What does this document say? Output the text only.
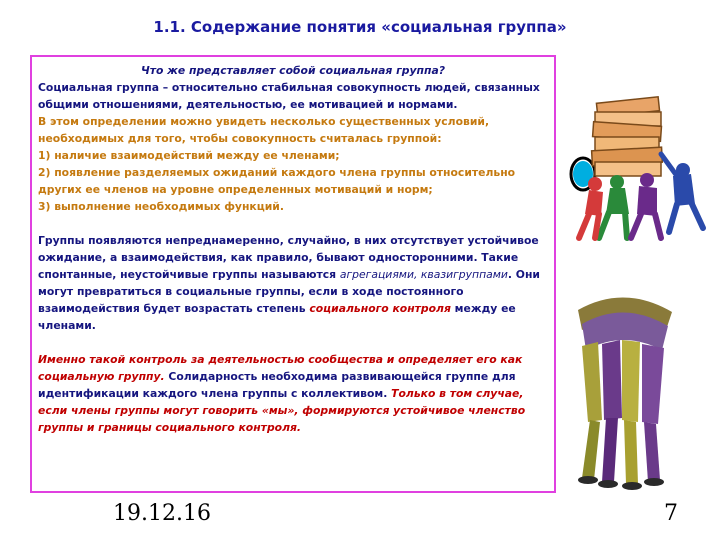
1.1. Содержание понятия «социальная группа»

Что же представляет собой социальная группа?

Социальная группа – относительно стабильная совокупность людей, связанных общими отношениями, деятельностью, ее мотивацией и нормами.

В этом определении можно увидеть несколько существенных условий, необходимых для того, чтобы совокупность считалась группой:

1) наличие взаимодействий между ее членами;

2) появление разделяемых ожиданий каждого члена группы относительно других ее членов на уровне определенных мотиваций и норм;

3) выполнение необходимых функций.

Группы появляются непреднамеренно, случайно, в них отсутствует устойчивое ожидание, а взаимодействия, как правило, бывают односторонними. Такие спонтанные, неустойчивые группы называются агрегациями, квазигруппами. Они могут превратиться в социальные группы, если в ходе постоянного взаимодействия будет возрастать степень социального контроля между ее членами.

Именно такой контроль за деятельностью сообщества и определяет его как социальную группу. Солидарность необходима развивающейся группе для идентификации каждого члена группы с коллективом. Только в том случае, если члены группы могут говорить «мы», формируются устойчивое членство группы и границы социального контроля.

19.12.16	7
